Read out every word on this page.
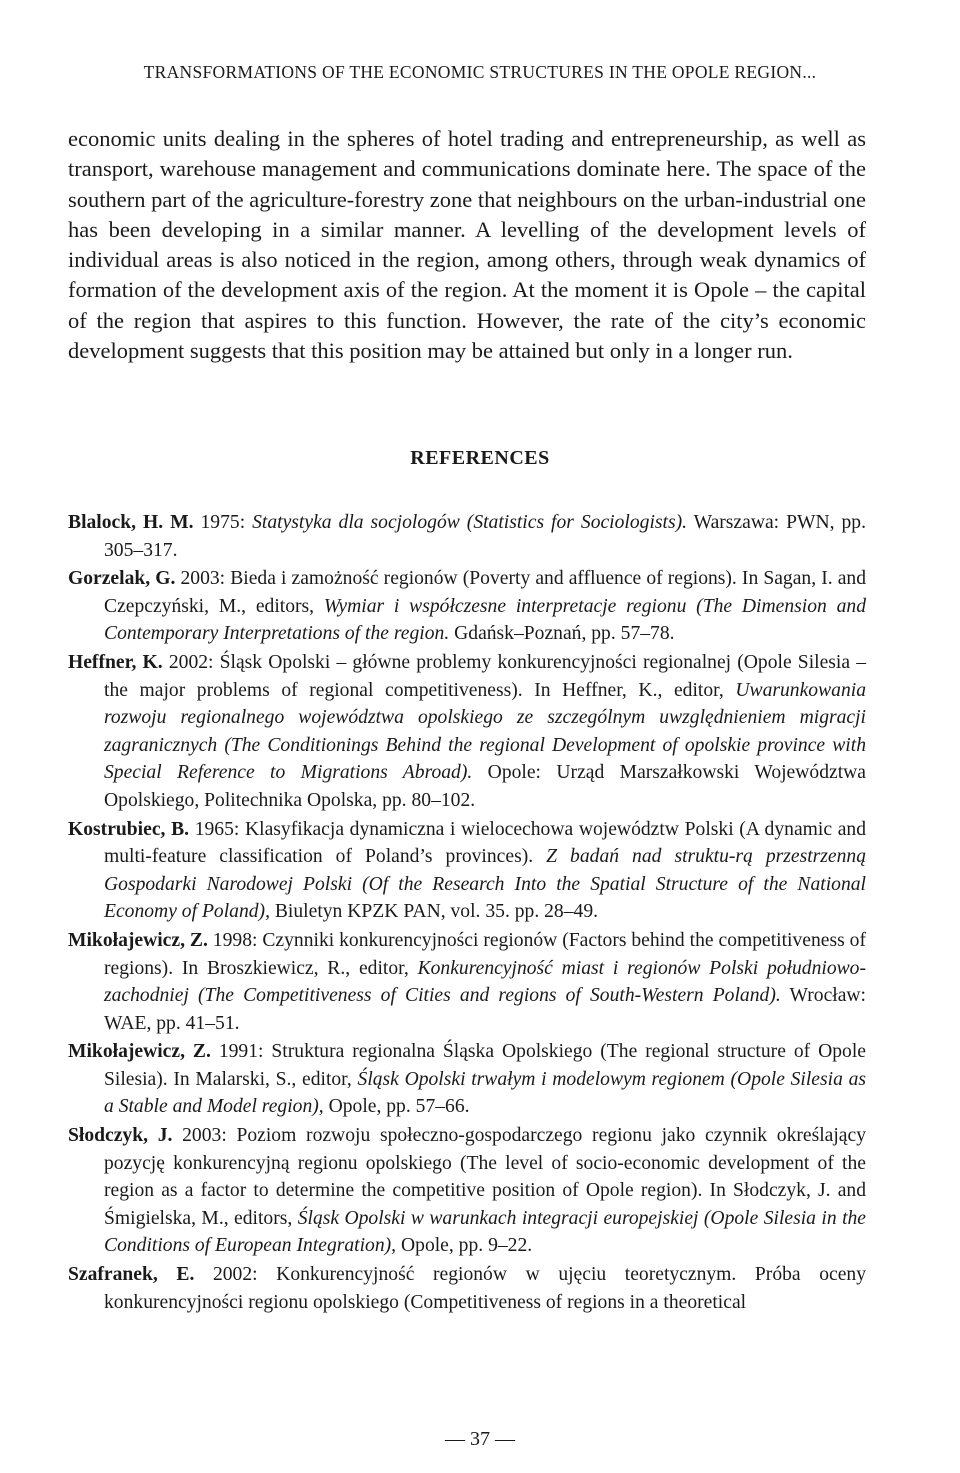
TRANSFORMATIONS OF THE ECONOMIC STRUCTURES IN THE OPOLE REGION...

economic units dealing in the spheres of hotel trading and entrepreneurship, as well as transport, warehouse management and communications dominate here. The space of the southern part of the agriculture-forestry zone that neighbours on the urban-industrial one has been developing in a similar manner. A levelling of the development levels of individual areas is also noticed in the region, among others, through weak dynamics of formation of the development axis of the region. At the moment it is Opole – the capital of the region that aspires to this function. However, the rate of the city’s economic development suggests that this position may be attained but only in a longer run.

REFERENCES
Blalock, H. M. 1975: Statystyka dla socjologów (Statistics for Sociologists). Warszawa: PWN, pp. 305–317.
Gorzelak, G. 2003: Bieda i zamożność regionów (Poverty and affluence of regions). In Sagan, I. and Czepczyński, M., editors, Wymiar i współczesne interpretacje regionu (The Dimension and Contemporary Interpretations of the region. Gdańsk–Poznań, pp. 57–78.
Heffner, K. 2002: Śląsk Opolski – główne problemy konkurencyjności regionalnej (Opole Silesia – the major problems of regional competitiveness). In Heffner, K., editor, Uwarunkowania rozwoju regionalnego województwa opolskiego ze szczególnym uwzględnieniem migracji zagranicznych (The Conditionings Behind the regional Development of opolskie province with Special Reference to Migrations Abroad). Opole: Urząd Marszałkowski Województwa Opolskiego, Politechnika Opolska, pp. 80–102.
Kostrubiec, B. 1965: Klasyfikacja dynamiczna i wielocechowa województw Polski (A dynamic and multi-feature classification of Poland’s provinces). Z badań nad struktu-rą przestrzenną Gospodarki Narodowej Polski (Of the Research Into the Spatial Structure of the National Economy of Poland), Biuletyn KPZK PAN, vol. 35. pp. 28–49.
Mikołajewicz, Z. 1998: Czynniki konkurencyjności regionów (Factors behind the competitiveness of regions). In Broszkiewicz, R., editor, Konkurencyjność miast i regionów Polski południowo-zachodniej (The Competitiveness of Cities and regions of South-Western Poland). Wrocław: WAE, pp. 41–51.
Mikołajewicz, Z. 1991: Struktura regionalna Śląska Opolskiego (The regional structure of Opole Silesia). In Malarski, S., editor, Śląsk Opolski trwałym i modelowym regionem (Opole Silesia as a Stable and Model region), Opole, pp. 57–66.
Słodczyk, J. 2003: Poziom rozwoju społeczno-gospodarczego regionu jako czynnik określający pozycję konkurencyjną regionu opolskiego (The level of socio-economic development of the region as a factor to determine the competitive position of Opole region). In Słodczyk, J. and Śmigielska, M., editors, Śląsk Opolski w warunkach integracji europejskiej (Opole Silesia in the Conditions of European Integration), Opole, pp. 9–22.
Szafranek, E. 2002: Konkurencyjność regionów w ujęciu teoretycznym. Próba oceny konkurencyjności regionu opolskiego (Competitiveness of regions in a theoretical
— 37 —
